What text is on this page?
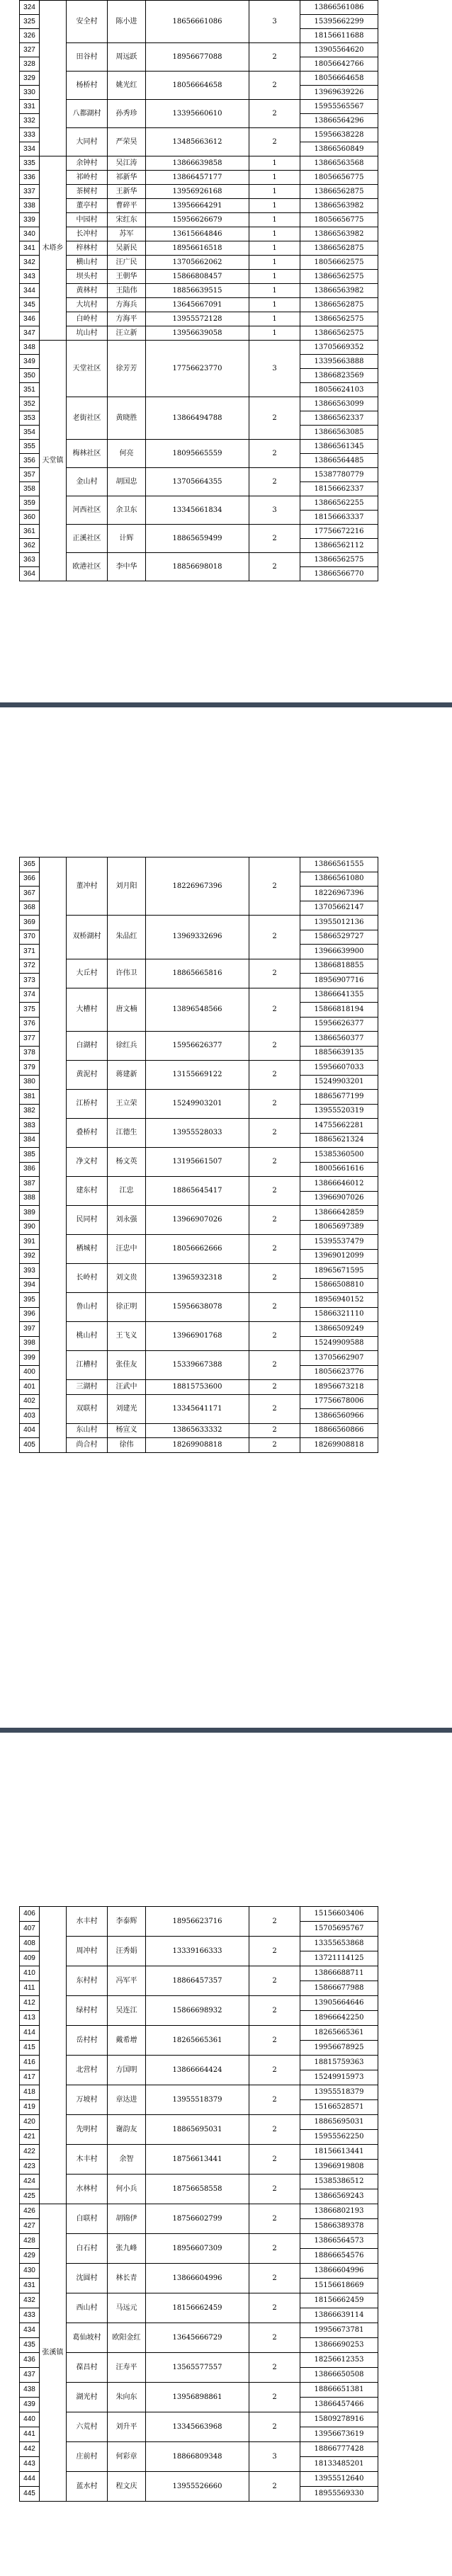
324		安全村	陈小进	18656661086	3	13866561086
325						15395662299
326						18156611688
327		田谷村	周远跃	18956677088	2	13905564620
328						18056642766
329		杨桥村	姚光红	18056664658	2	18056664658
330						13969639226
331		八都湖村	孙秀珍	13395660610	2	15955565567
332						13866564296
333		大同村	严荣昊	13485663612	2	15956638228
334						13866560849
335	木塔乡	余钟村	吴江涛	13866639858	1	13866563568
336		祁岭村	祁新华	13866457177	1	18056656775
337		茶树村	王新华	13956926168	1	13866562875
338		董亭村	曹碎平	13956664291	1	13866563982
339		中园村	宋红东	15956626679	1	18056656775
340		长冲村	苏军	13615664846	1	13866563982
341		梓林村	吴新民	18956616518	1	13866562875
342		横山村	汪广民	13705662062	1	18056662575
343		坝头村	王朝华	15866808457	1	13866562575
344		黄林村	王陆伟	18856639515	1	13866563982
345		大坑村	方海兵	13645667091	1	13866562875
346		白岭村	方海平	13955572128	1	13866562575
347		坑山村	汪立新	13956639058	1	13866562575
348	天堂镇	天堂社区	徐芳芳	17756623770	3	13705669352
349						13395663888
350						13866823569
351						18056624103
352		老街社区	黄晓胜	13866494788	2	13866563099
353						13866562337
354						13866563085
355		梅林社区	何亮	18095665559	2	13866561345
356						13866564485
357		金山村	胡国忠	13705664355	2	15387780779
358						18156662337
359		河西社区	余卫东	13345661834	3	13866562255
360						18156663337
361		正溪社区	计辉	18865659499	2	17756672216
362						13866562112
363		欧港社区	李中华	18856698018	2	13866562575
364						13866566770
365		董冲村	刘月阳	18226967396	2	13866561555
366						13866561080
367						18226967396
368						13705662147
369		双桥湖村	朱品红	13969332696	2	13955012136
370						15866529727
371						13966639900
372		大丘村	许伟卫	18865665816	2	13866818855
373						18956907716
374		大槽村	唐文楠	13896548566	2	13866641355
375						15866818194
376						15956626377
377		白湖村	徐红兵	15956626377	2	13866560377
378						18856639135
379		黄泥村	蒋建新	13155669122	2	15956607033
380						15249903201
381		江桥村	王立荣	15249903201	2	18865677199
382						13955520319
383		叠桥村	江德生	13955528033	2	14755662281
384						18865621324
385		净文村	杨文英	13195661507	2	15385360500
386						18005661616
387		建东村	江忠	18865645417	2	13866646012
388						13966907026
389		民同村	刘永强	13966907026	2	13866642859
390						18065697389
391		栖城村	汪忠中	18056662666	2	15395537479
392						13969012099
393		长岭村	刘文贵	13965932318	2	18965671595
394						15866508810
395		鲁山村	徐正明	15956638078	2	18956940152
396						15866321110
397		桃山村	王飞义	13966901768	2	13866509249
398						15249909588
399		江槽村	张佳友	15339667388	2	13705662907
400						18056623776
401		三湖村	汪武中	18815753600	2	18956673218
402		双联村	刘建光	13345641171	2	17756678006
403						13866560966
404		东山村	杨宣义	13865633332	2	18866560866
405		尚合村	徐伟	18269908818	2	18269908818
406		水丰村	李泰辉	18956623716	2	15156603406
407						15705695767
408		周冲村	汪秀娟	13339166333	2	13355653868
409						13721114125
410		东村村	冯军平	18866457357	2	13866688711
411						15866677988
412		绿村村	吴连江	15866698932	2	13905664646
413						18966642250
414		岳村村	戴希增	18265665361	2	18265665361
415						19956678925
416		北营村	方国明	13866664424	2	18815759363
417						15249915973
418		万坡村	章达进	13955518379	2	13955518379
419						15166528571
420		先明村	谢韵友	18865695031	2	18865695031
421						15955562250
422		木丰村	余智	18756613441	2	18156613441
423						13966919808
424		水林村	何小兵	18756658558	2	15385386512
425						13866569243
426	张溪镇	白联村	胡锦伊	18756602799	2	13866802193
427						15866389378
428		白石村	张九峰	18956607309	2	13866564573
429						18866654576
430		沈圆村	林长青	13866604996	2	13866604996
431						15156618669
432		西山村	马远元	18156662459	2	18156662459
433						13866639114
434		葛仙坡村	欧阳金红	13645666729	2	19956673781
435						13866690253
436		葆昌村	汪寿平	13565577557	2	18256612353
437						13866650508
438		湖光村	朱向东	13956898861	2	18866651381
439						13866457466
440		六荒村	刘升平	13345663968	2	15809278916
441						13956673619
442		庄前村	何彩章	18866809348	3	18866777428
443						18133485201
444		蓝水村	程文庆	13955526660	2	13955512640
445						18955569330
